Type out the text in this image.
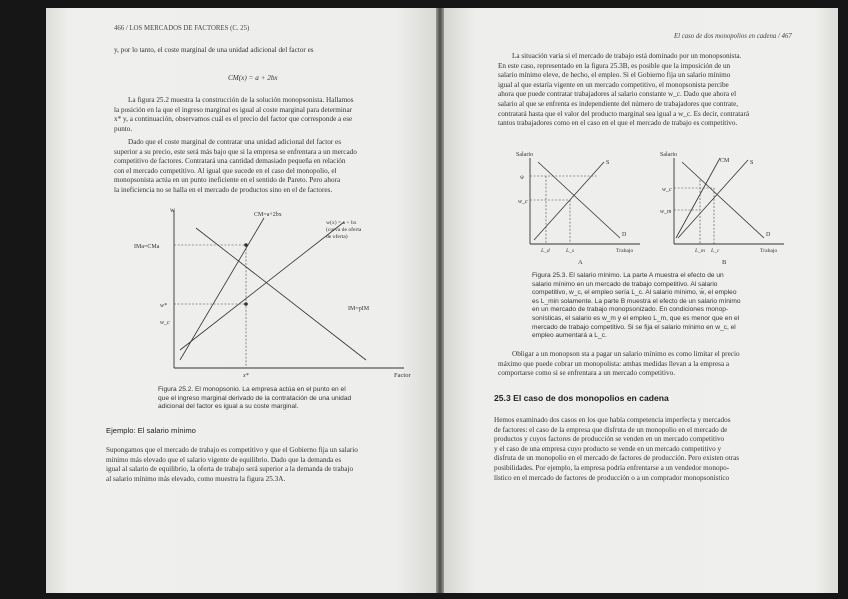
466 / LOS MERCADOS DE FACTORES (C. 25)
y, por lo tanto, el coste marginal de una unidad adicional del factor es
CM(x) = a + 2bx
La figura 25.2 muestra la construcción de la solución monopsonista. Hallamos
la posición en la que el ingreso marginal es igual al coste marginal para determinar
x* y, a continuación, observamos cuál es el precio del factor que corresponde a ese
punto.
Dado que el coste marginal de contratar una unidad adicional del factor es
superior a su precio, este será más bajo que si la empresa se enfrentara a un mercado
competitivo de factores. Contratará una cantidad demasiado pequeña en relación
con el mercado competitivo. Al igual que sucede en el caso del monopolio, el
monopsonista actúa en un punto ineficiente en el sentido de Pareto. Pero ahora
la ineficiencia no se halla en el mercado de productos sino en el de factores.
w
Factor
IMa=CMa
w*
w_c
x*
CM=a+2bx
w(x) = a + bx
(curva de oferta
de oferta)
IM=pIM
Figura 25.2. El monopsonio. La empresa actúa en el punto en el
que el ingreso marginal derivado de la contratación de una unidad
adicional del factor es igual a su coste marginal.
Ejemplo: El salario mínimo
Supongamos que el mercado de trabajo es competitivo y que el Gobierno fija un salario
mínimo más elevado que el salario vigente de equilibrio. Dado que la demanda es
igual al salario de equilibrio, la oferta de trabajo será superior a la demanda de trabajo
al salario mínimo más elevado, como muestra la figura 25.3A.
El caso de dos monopolios en cadena / 467
La situación varía si el mercado de trabajo está dominado por un monopsonista.
En este caso, representado en la figura 25.3B, es posible que la imposición de un
salario mínimo eleve, de hecho, el empleo. Si el Gobierno fija un salario mínimo
igual al que estaría vigente en un mercado competitivo, el monopsonista percibe
ahora que puede contratar trabajadores al salario constante w_c. Dado que ahora el
salario al que se enfrenta es independiente del número de trabajadores que contrate,
contratará hasta que el valor del producto marginal sea igual a w_c. Es decir, contratará
tantos trabajadores como en el caso en el que el mercado de trabajo es competitivo.
Salario
Trabajo
w̄
w_c
L_d	L_s
S
D
A
Salario
Trabajo
w_c
w_m
L_m L_c
S
CM
D
B
Figura 25.3. El salario mínimo. La parte A muestra el efecto de un
salario mínimo en un mercado de trabajo competitivo. Al salario
competitivo, w_c, el empleo sería L_c. Al salario mínimo, w̄, el empleo
es L_min solamente. La parte B muestra el efecto de un salario mínimo
en un mercado de trabajo monopsonizado. En condiciones monop-
sonísticas, el salario es w_m y el empleo L_m, que es menor que en el
mercado de trabajo competitivo. Si se fija el salario mínimo en w_c, el
empleo aumentará a L_c.
Obligar a un monopson sta a pagar un salario mínimo es como limitar el precio
máximo que puede cobrar un monopolista: ambas medidas llevan a la empresa a
comportarse como si se enfrentara a un mercado competitivo.
25.3 El caso de dos monopolios en cadena
Hemos examinado dos casos en los que había competencia imperfecta y mercados
de factores: el caso de la empresa que disfruta de un monopolio en el mercado de
productos y cuyos factores de producción se venden en un mercado competitivo
y el caso de una empresa cuyo producto se vende en un mercado competitivo y
disfruta de un monopolio en el mercado de factores de producción. Pero existen otras
posibilidades. Por ejemplo, la empresa podría enfrentarse a un vendedor monopo-
lístico en el mercado de factores de producción o a un comprador monopsonístico
